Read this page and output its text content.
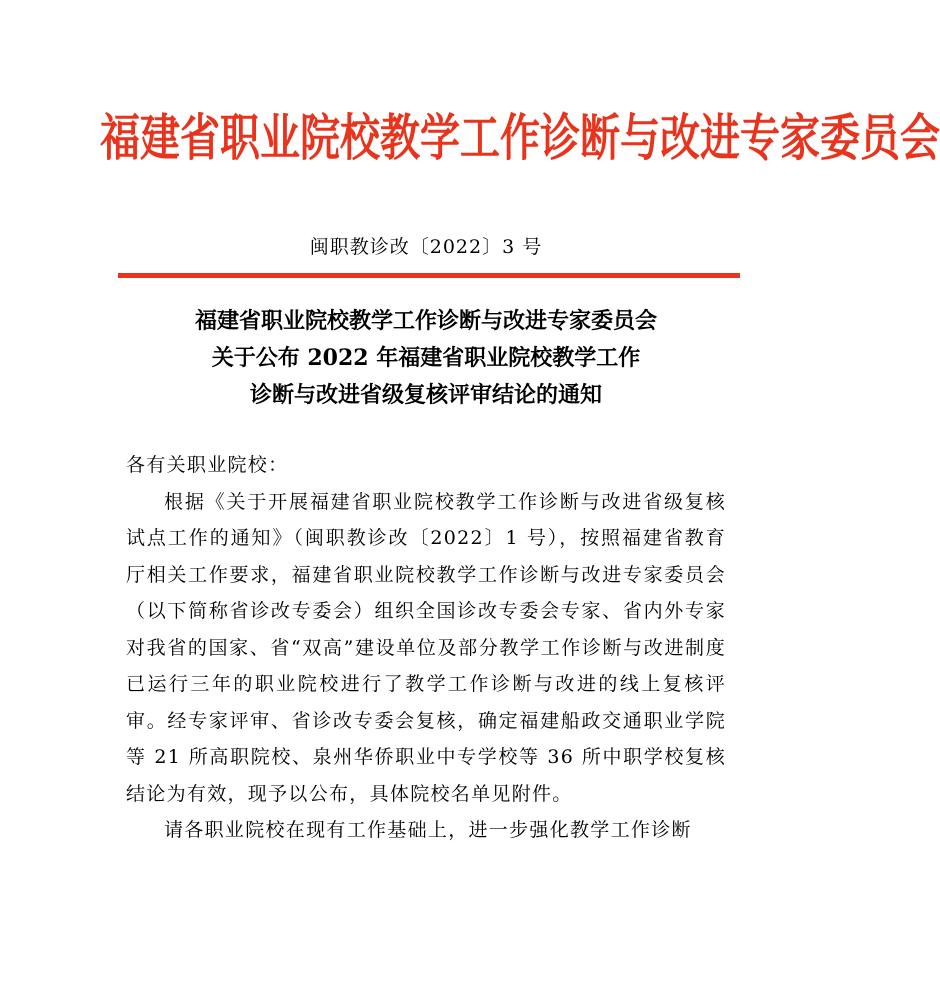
福建省职业院校教学工作诊断与改进专家委员会
闽职教诊改〔2022〕3 号
福建省职业院校教学工作诊断与改进专家委员会
关于公布 2022 年福建省职业院校教学工作
诊断与改进省级复核评审结论的通知
各有关职业院校：

根据《关于开展福建省职业院校教学工作诊断与改进省级复核试点工作的通知》（闽职教诊改〔2022〕1 号），按照福建省教育厅相关工作要求，福建省职业院校教学工作诊断与改进专家委员会（以下简称省诊改专委会）组织全国诊改专委会专家、省内外专家对我省的国家、省“双高”建设单位及部分教学工作诊断与改进制度已运行三年的职业院校进行了教学工作诊断与改进的线上复核评审。经专家评审、省诊改专委会复核，确定福建船政交通职业学院等 21 所高职院校、泉州华侨职业中专学校等 36 所中职学校复核结论为有效，现予以公布，具体院校名单见附件。

请各职业院校在现有工作基础上，进一步强化教学工作诊断
